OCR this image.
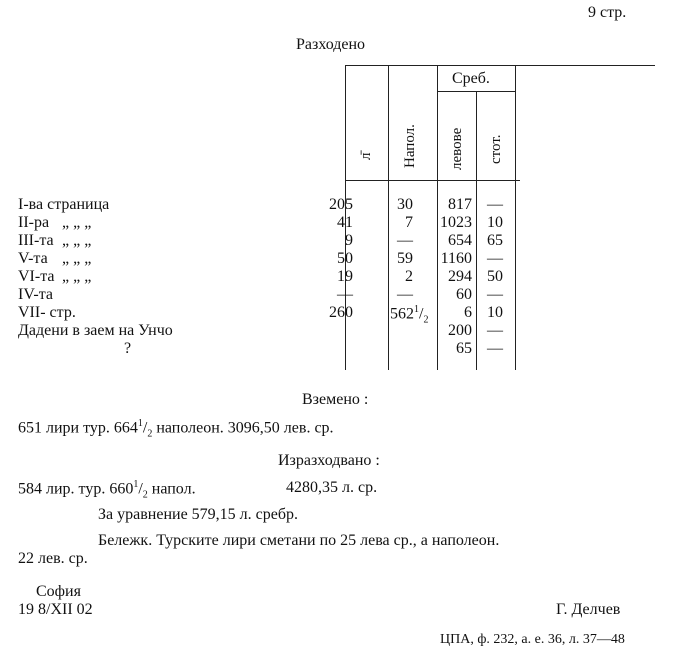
9 стр.
Разходено
Среб.
л̄ Напол. левове стот.
I-ва страница
II-ра „ „ „
III-та „ „ „
V-та „ „ „
VI-та „ „ „
IV-та
VII- стр.
Дадени в заем на Унчо
?
205
41
9
50
19
—
260
30
7
—
59
2
—
$562^1/_2$
817
1023
654
1160
294
60
6
200
65
—
10
65
—
50
—
10
—
—
Вземено :
651 лири тур. $664^1/_2$ наполеон. 3096,50 лев. ср.
Изразходвано :
584 лир. тур. $660^1/_2$ напол.	4280,35 л. ср.
За уравнение 579,15 л. сребр.
Бележк. Турските лири сметани по 25 лева ср., а наполеон.
22 лев. ср.
София
19 8/XII 02	Г. Делчев
ЦПА, ф. 232, а. е. 36, л. 37—48
